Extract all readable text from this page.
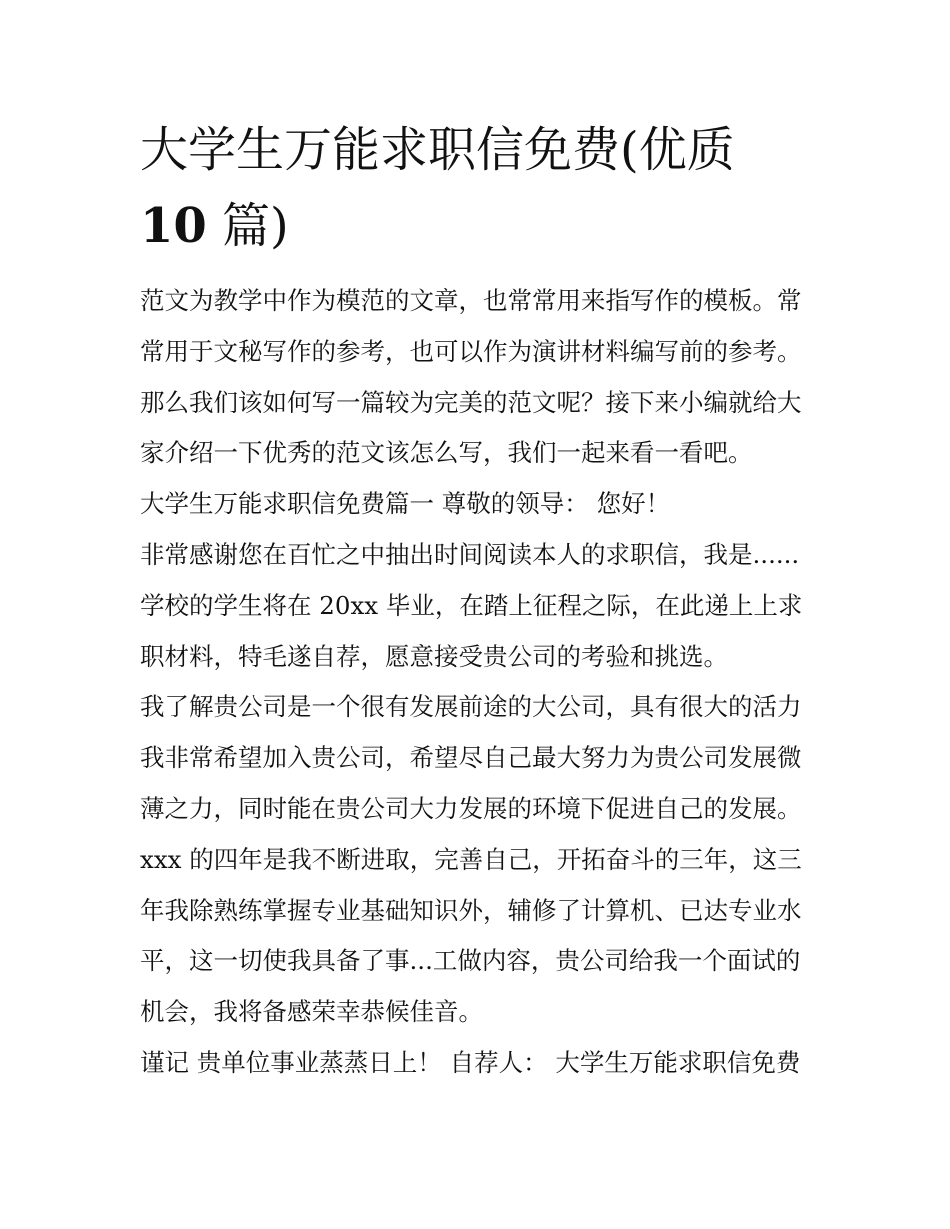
大学生万能求职信免费(优质
10 篇)

范文为教学中作为模范的文章，也常常用来指写作的模板。常

常用于文秘写作的参考，也可以作为演讲材料编写前的参考。

那么我们该如何写一篇较为完美的范文呢？接下来小编就给大

家介绍一下优秀的范文该怎么写，我们一起来看一看吧。

大学生万能求职信免费篇一 尊敬的领导： 您好！

非常感谢您在百忙之中抽出时间阅读本人的求职信，我是......

学校的学生将在 20xx 毕业，在踏上征程之际，在此递上上求

职材料，特毛遂自荐，愿意接受贵公司的考验和挑选。

我了解贵公司是一个很有发展前途的大公司，具有很大的活力

我非常希望加入贵公司，希望尽自己最大努力为贵公司发展微

薄之力，同时能在贵公司大力发展的环境下促进自己的发展。

xxx 的四年是我不断进取，完善自己，开拓奋斗的三年，这三

年我除熟练掌握专业基础知识外，辅修了计算机、已达专业水

平，这一切使我具备了事...工做内容，贵公司给我一个面试的

机会，我将备感荣幸恭候佳音。

谨记 贵单位事业蒸蒸日上！ 自荐人： 大学生万能求职信免费
